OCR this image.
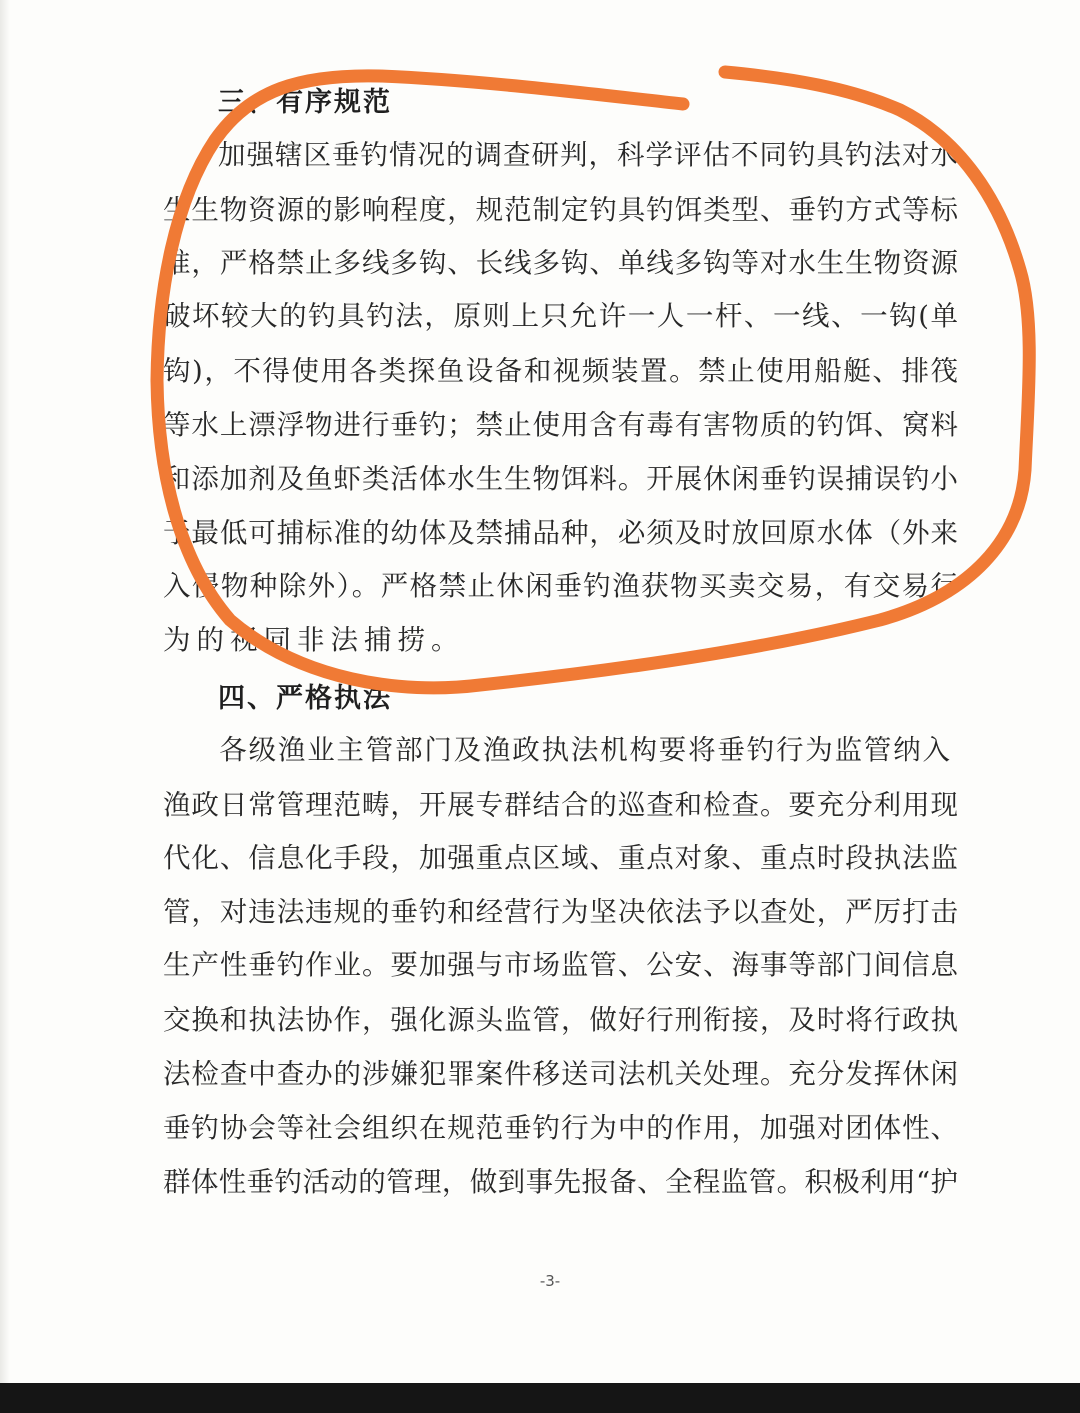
三、有序规范
加强辖区垂钓情况的调查研判，科学评估不同钓具钓法对水
生生物资源的影响程度，规范制定钓具钓饵类型、垂钓方式等标
准，严格禁止多线多钩、长线多钩、单线多钩等对水生生物资源
破坏较大的钓具钓法，原则上只允许一人一杆、一线、一钩(单
钩)，不得使用各类探鱼设备和视频装置。禁止使用船艇、排筏
等水上漂浮物进行垂钓；禁止使用含有毒有害物质的钓饵、窝料
和添加剂及鱼虾类活体水生生物饵料。开展休闲垂钓误捕误钓小
于最低可捕标准的幼体及禁捕品种，必须及时放回原水体（外来
入侵物种除外）。严格禁止休闲垂钓渔获物买卖交易，有交易行
为的视同非法捕捞。
四、严格执法
　各级渔业主管部门及渔政执法机构要将垂钓行为监管纳入
渔政日常管理范畴，开展专群结合的巡查和检查。要充分利用现
代化、信息化手段，加强重点区域、重点对象、重点时段执法监
管，对违法违规的垂钓和经营行为坚决依法予以查处，严厉打击
生产性垂钓作业。要加强与市场监管、公安、海事等部门间信息
交换和执法协作，强化源头监管，做好行刑衔接，及时将行政执
法检查中查办的涉嫌犯罪案件移送司法机关处理。充分发挥休闲
垂钓协会等社会组织在规范垂钓行为中的作用，加强对团体性、
群体性垂钓活动的管理，做到事先报备、全程监管。积极利用“护
-3-
